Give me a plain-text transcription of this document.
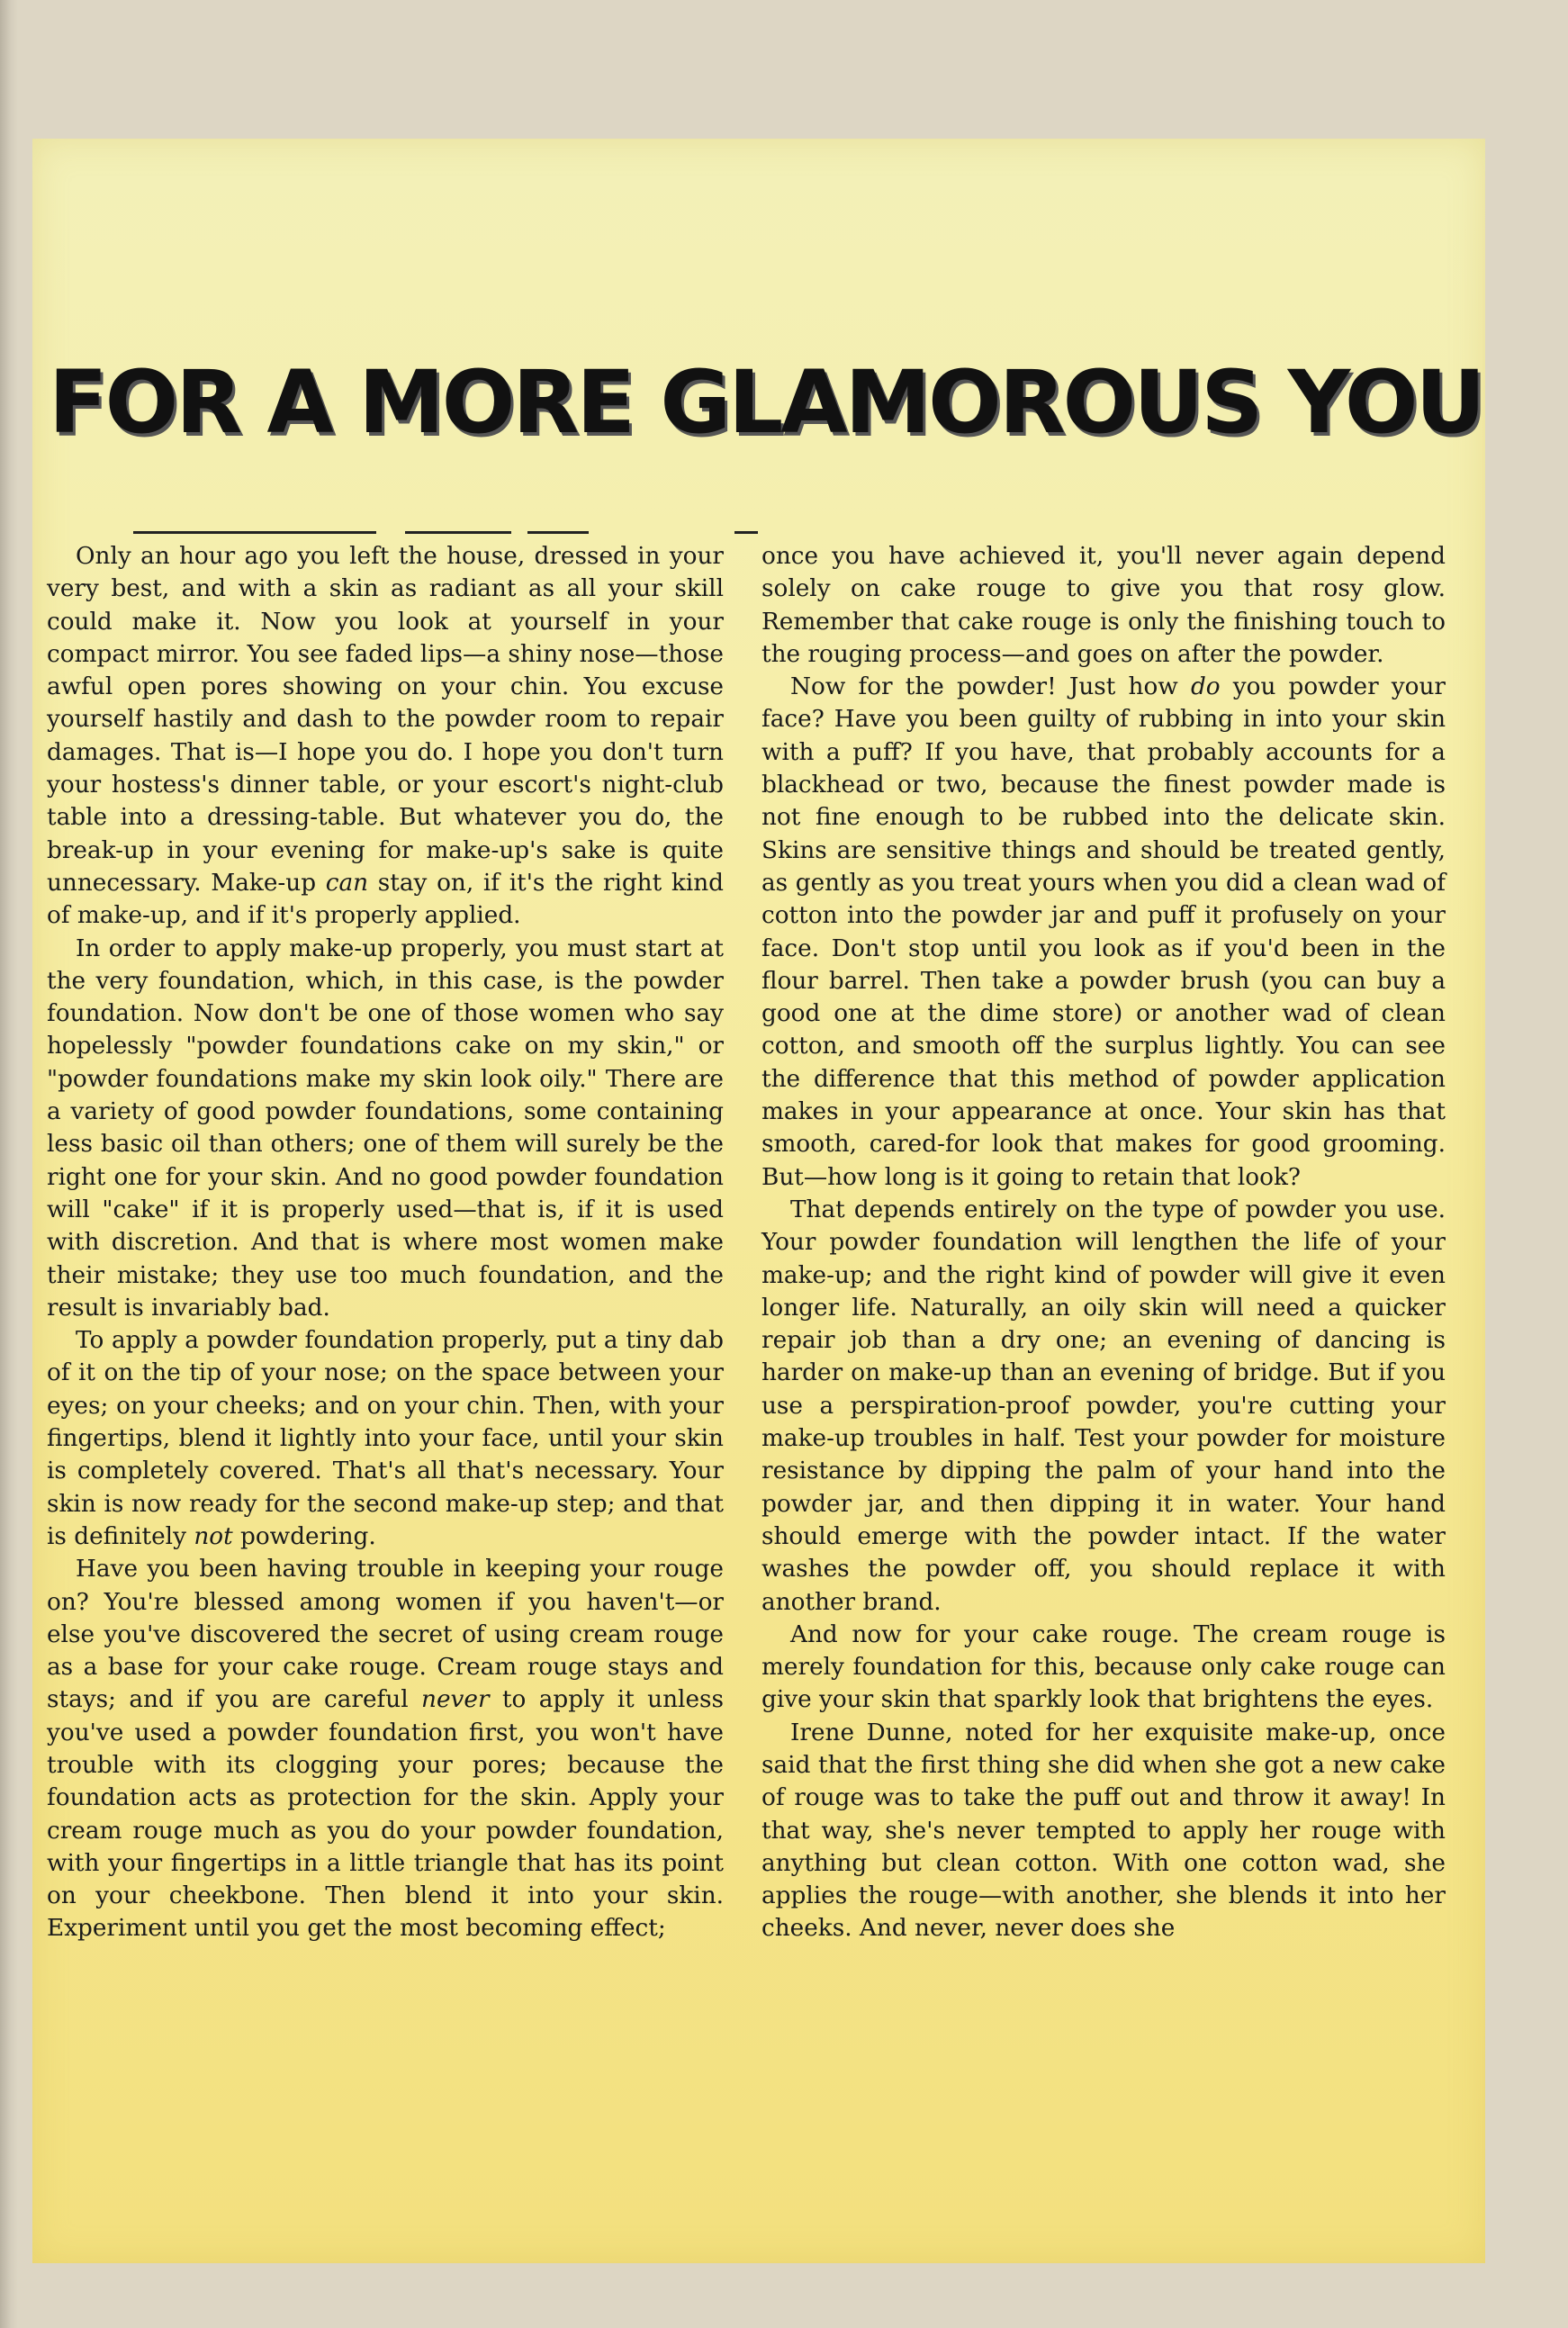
FOR A MORE GLAMOROUS YOU

Only an hour ago you left the house, dressed in your very best, and with a skin as radiant as all your skill could make it. Now you look at yourself in your compact mirror. You see faded lips—a shiny nose—those awful open pores showing on your chin. You excuse yourself hastily and dash to the powder room to repair damages. That is—I hope you do. I hope you don't turn your hostess's dinner table, or your escort's night-club table into a dressing-table. But whatever you do, the break-up in your evening for make-up's sake is quite unnecessary. Make-up can stay on, if it's the right kind of make-up, and if it's properly applied.

In order to apply make-up properly, you must start at the very foundation, which, in this case, is the powder foundation. Now don't be one of those women who say hopelessly "powder foundations cake on my skin," or "powder foundations make my skin look oily." There are a variety of good powder foundations, some containing less basic oil than others; one of them will surely be the right one for your skin. And no good powder foundation will "cake" if it is properly used—that is, if it is used with discretion. And that is where most women make their mistake; they use too much foundation, and the result is invariably bad.

To apply a powder foundation properly, put a tiny dab of it on the tip of your nose; on the space between your eyes; on your cheeks; and on your chin. Then, with your fingertips, blend it lightly into your face, until your skin is completely covered. That's all that's necessary. Your skin is now ready for the second make-up step; and that is definitely not powdering.

Have you been having trouble in keeping your rouge on? You're blessed among women if you haven't—or else you've discovered the secret of using cream rouge as a base for your cake rouge. Cream rouge stays and stays; and if you are careful never to apply it unless you've used a powder foundation first, you won't have trouble with its clogging your pores; because the foundation acts as protection for the skin. Apply your cream rouge much as you do your powder foundation, with your fingertips in a little triangle that has its point on your cheekbone. Then blend it into your skin. Experiment until you get the most becoming effect;

once you have achieved it, you'll never again depend solely on cake rouge to give you that rosy glow. Remember that cake rouge is only the finishing touch to the rouging process—and goes on after the powder.

Now for the powder! Just how do you powder your face? Have you been guilty of rubbing in into your skin with a puff? If you have, that probably accounts for a blackhead or two, because the finest powder made is not fine enough to be rubbed into the delicate skin. Skins are sensitive things and should be treated gently, as gently as you treat yours when you did a clean wad of cotton into the powder jar and puff it profusely on your face. Don't stop until you look as if you'd been in the flour barrel. Then take a powder brush (you can buy a good one at the dime store) or another wad of clean cotton, and smooth off the surplus lightly. You can see the difference that this method of powder application makes in your appearance at once. Your skin has that smooth, cared-for look that makes for good grooming. But—how long is it going to retain that look?

That depends entirely on the type of powder you use. Your powder foundation will lengthen the life of your make-up; and the right kind of powder will give it even longer life. Naturally, an oily skin will need a quicker repair job than a dry one; an evening of dancing is harder on make-up than an evening of bridge. But if you use a perspiration-proof powder, you're cutting your make-up troubles in half. Test your powder for moisture resistance by dipping the palm of your hand into the powder jar, and then dipping it in water. Your hand should emerge with the powder intact. If the water washes the powder off, you should replace it with another brand.

And now for your cake rouge. The cream rouge is merely foundation for this, because only cake rouge can give your skin that sparkly look that brightens the eyes.

Irene Dunne, noted for her exquisite make-up, once said that the first thing she did when she got a new cake of rouge was to take the puff out and throw it away! In that way, she's never tempted to apply her rouge with anything but clean cotton. With one cotton wad, she applies the rouge—with another, she blends it into her cheeks. And never, never does she
